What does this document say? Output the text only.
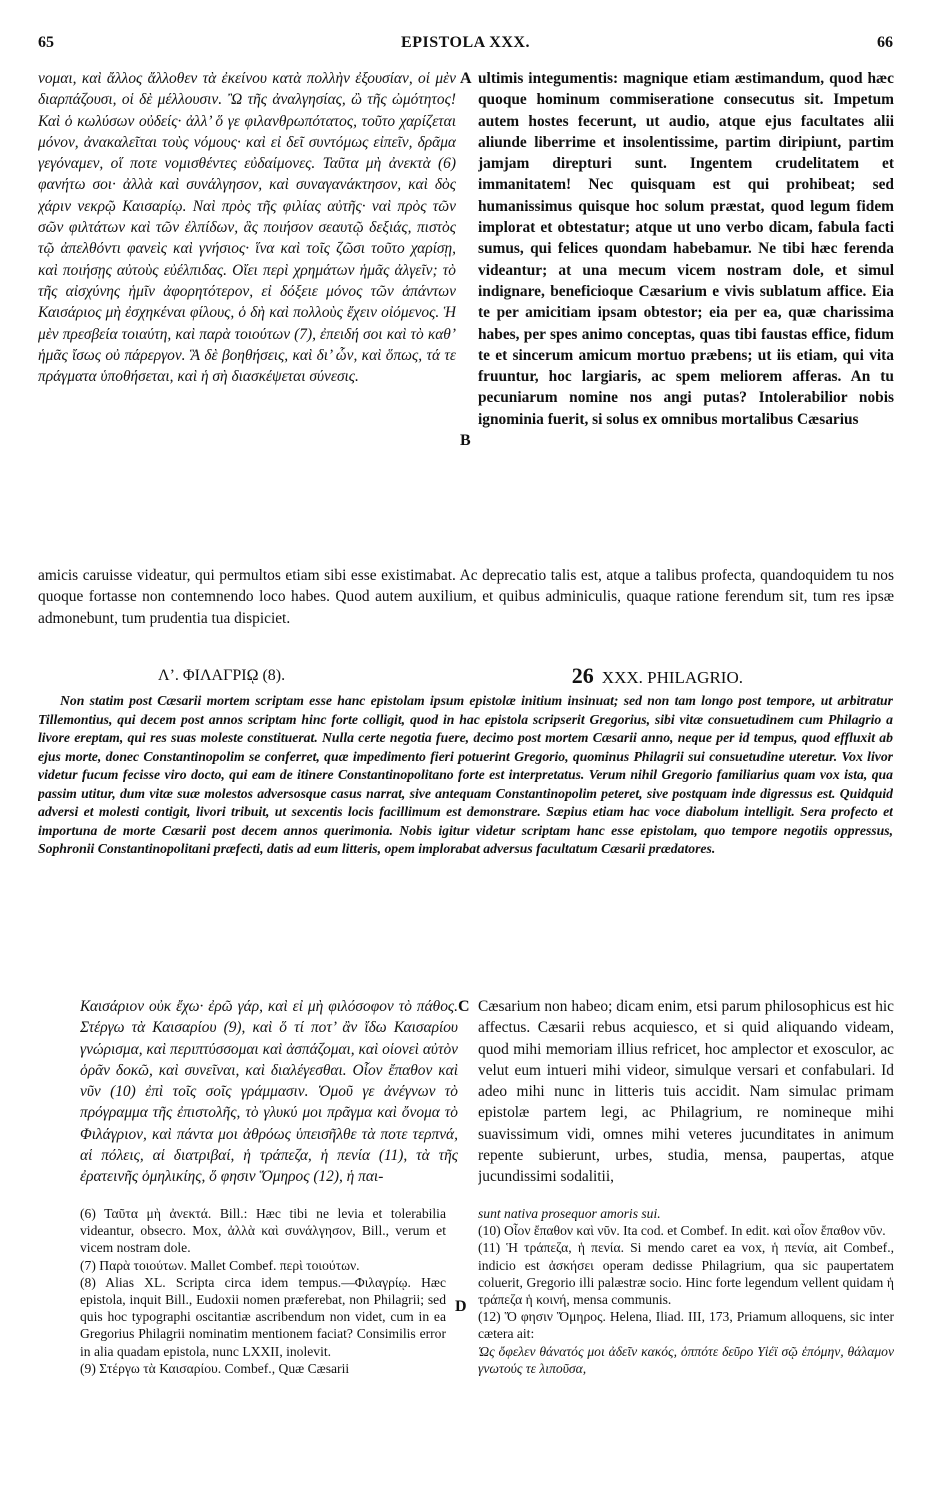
65	EPISTOLA XXX.	66

νομαι, καὶ ἄλλος ἄλλοθεν τὰ ἐκείνου κατὰ πολλὴν ἐξουσίαν, οἱ μὲν διαρπάζουσι, οἱ δὲ μέλλουσιν. Ὢ τῆς ἀναλγησίας, ὢ τῆς ὠμότητος! Καὶ ὁ κωλύσων οὐδείς· ἀλλ’ ὅ γε φιλανθρωπότατος, τοῦτο χαρίζεται μόνον, ἀνακαλεῖται τοὺς νόμους· καὶ εἰ δεῖ συντόμως εἰπεῖν, δρᾶμα γεγόναμεν, οἵ ποτε νομισθέντες εὐδαίμονες. Ταῦτα μὴ ἀνεκτὰ (6) φανήτω σοι· ἀλλὰ καὶ συνάλγησον, καὶ συναγανάκτησον, καὶ δὸς χάριν νεκρῷ Καισαρίῳ. Ναὶ πρὸς τῆς φιλίας αὐτῆς· ναὶ πρὸς τῶν σῶν φιλτάτων καὶ τῶν ἐλπίδων, ἃς ποιήσον σεαυτῷ δεξιάς, πιστὸς τῷ ἀπελθόντι φανεὶς καὶ γνήσιος· ἵνα καὶ τοῖς ζῶσι τοῦτο χαρίσῃ, καὶ ποιήσῃς αὐτοὺς εὐέλπιδας. Οἴει περὶ χρημάτων ἡμᾶς ἀλγεῖν; τὸ τῆς αἰσχύνης ἡμῖν ἀφορητότερον, εἰ δόξειε μόνος τῶν ἁπάντων Καισάριος μὴ ἐσχηκέναι φίλους, ὁ δὴ καὶ πολλοὺς ἔχειν οἰόμενος. Ἡ μὲν πρεσβεία τοιαύτη, καὶ παρὰ τοιούτων (7), ἐπειδή σοι καὶ τὸ καθ’ ἡμᾶς ἴσως οὐ πάρεργον. Ἃ δὲ βοηθήσεις, καὶ δι’ ὧν, καὶ ὅπως, τά τε πράγματα ὑποθήσεται, καὶ ἡ σὴ διασκέψεται σύνεσις.

A
B

ultimis integumentis: magnique etiam æstimandum, quod hæc quoque hominum commiseratione consecutus sit. Impetum autem hostes fecerunt, ut audio, atque ejus facultates alii aliunde liberrime et insolentissime, partim diripiunt, partim jamjam direpturi sunt. Ingentem crudelitatem et immanitatem! Nec quisquam est qui prohibeat; sed humanissimus quisque hoc solum præstat, quod legum fidem implorat et obtestatur; atque ut uno verbo dicam, fabula facti sumus, qui felices quondam habebamur. Ne tibi hæc ferenda videantur; at una mecum vicem nostram dole, et simul indignare, beneficioque Cæsarium e vivis sublatum affice. Eia te per amicitiam ipsam obtestor; eia per ea, quæ charissima habes, per spes animo conceptas, quas tibi faustas effice, fidum te et sincerum amicum mortuo præbens; ut iis etiam, qui vita fruuntur, hoc largiaris, ac spem meliorem afferas. An tu pecuniarum nomine nos angi putas? Intolerabilior nobis ignominia fuerit, si solus ex omnibus mortalibus Cæsarius

amicis caruisse videatur, qui permultos etiam sibi esse existimabat. Ac deprecatio talis est, atque a talibus profecta, quandoquidem tu nos quoque fortasse non contemnendo loco habes. Quod autem auxilium, et quibus adminiculis, quaque ratione ferendum sit, tum res ipsæ admonebunt, tum prudentia tua dispiciet.

Λ’. ΦΙΛΑΓΡΙῼ (8).	26 XXX. PHILAGRIO.
Non statim post Cæsarii mortem scriptam esse hanc epistolam ipsum epistolæ initium insinuat; sed non tam longo post tempore, ut arbitratur Tillemontius, qui decem post annos scriptam hinc forte colligit, quod in hac epistola scripserit Gregorius, sibi vitæ consuetudinem cum Philagrio a livore ereptam, qui res suas moleste constituerat. Nulla certe negotia fuere, decimo post mortem Cæsarii anno, neque per id tempus, quod effluxit ab ejus morte, donec Constantinopolim se conferret, quæ impedimento fieri potuerint Gregorio, quominus Philagrii sui consuetudine uteretur. Vox livor videtur fucum fecisse viro docto, qui eam de itinere Constantinopolitano forte est interpretatus. Verum nihil Gregorio familiarius quam vox ista, qua passim utitur, dum vitæ suæ molestos adversosque casus narrat, sive antequam Constantinopolim peteret, sive postquam inde digressus est. Quidquid adversi et molesti contigit, livori tribuit, ut sexcentis locis facillimum est demonstrare. Sæpius etiam hac voce diabolum intelligit. Sera profecto et importuna de morte Cæsarii post decem annos querimonia. Nobis igitur videtur scriptam hanc esse epistolam, quo tempore negotiis oppressus, Sophronii Constantinopolitani præfecti, datis ad eum litteris, opem implorabat adversus facultatum Cæsarii prædatores.

Καισάριον οὐκ ἔχω· ἐρῶ γάρ, καὶ εἰ μὴ φιλόσοφον τὸ πάθος. Στέργω τὰ Καισαρίου (9), καὶ ὅ τί ποτ’ ἂν ἴδω Καισαρίου γνώρισμα, καὶ περιπτύσσομαι καὶ ἀσπάζομαι, καὶ οἱονεὶ αὐτὸν ὁρᾶν δοκῶ, καὶ συνεῖναι, καὶ διαλέγεσθαι. Οἷον ἔπαθον καὶ νῦν (10) ἐπὶ τοῖς σοῖς γράμμασιν. Ὁμοῦ γε ἀνέγνων τὸ πρόγραμμα τῆς ἐπιστολῆς, τὸ γλυκύ μοι πρᾶγμα καὶ ὄνομα τὸ Φιλάγριον, καὶ πάντα μοι ἀθρόως ὑπεισῆλθε τὰ ποτε τερπνά, αἱ πόλεις, αἱ διατριβαί, ἡ τράπεζα, ἡ πενία (11), τὰ τῆς ἐρατεινῆς ὁμηλικίης, ὅ φησιν Ὅμηρος (12), ἡ παι-

C Cæsarium non habeo; dicam enim, etsi parum philosophicus est hic affectus. Cæsarii rebus acquiesco, et si quid aliquando videam, quod mihi memoriam illius refricet, hoc amplector et exosculor, ac velut eum intueri mihi videor, simulque versari et confabulari. Id adeo mihi nunc in litteris tuis accidit. Nam simulac primam epistolæ partem legi, ac Philagrium, re nomineque mihi suavissimum vidi, omnes mihi veteres jucunditates in animum repente subierunt, urbes, studia, mensa, paupertas, atque jucundissimi sodalitii,

(6) Ταῦτα μὴ ἀνεκτά. Bill.: Hæc tibi ne levia et tolerabilia videantur, obsecro. Mox, ἀλλὰ καὶ συνάλγησον, Bill., verum et vicem nostram dole.

(7) Παρὰ τοιούτων. Mallet Combef. περὶ τοιούτων.

(8) Alias XL. Scripta circa idem tempus.—Φιλαγρίῳ. Hæc epistola, inquit Bill., Eudoxii nomen præferebat, non Philagrii; sed quis hoc typographi oscitantiæ ascribendum non videt, cum in ea Gregorius Philagrii nominatim mentionem faciat? Consimilis error in alia quadam epistola, nunc LXXII, inolevit.

(9) Στέργω τὰ Καισαρίου. Combef., Quæ Cæsarii

D

sunt nativa prosequor amoris sui.

(10) Οἷον ἔπαθον καὶ νῦν. Ita cod. et Combef. In edit. καὶ οἷον ἔπαθον νῦν.

(11) Ἡ τράπεζα, ἡ πενία. Si mendo caret ea vox, ἡ πενία, ait Combef., indicio est ἀσκήσει operam dedisse Philagrium, qua sic paupertatem coluerit, Gregorio illi palæstræ socio. Hinc forte legendum vellent quidam ἡ τράπεζα ἡ κοινή, mensa communis.

(12) Ὅ φησιν Ὅμηρος. Helena, Iliad. III, 173, Priamum alloquens, sic inter cætera ait:

Ὡς ὄφελεν θάνατός μοι ἀδεῖν κακός, ὁππότε δεῦρο Υἱέϊ σῷ ἑπόμην, θάλαμον γνωτούς τε λιποῦσα,
